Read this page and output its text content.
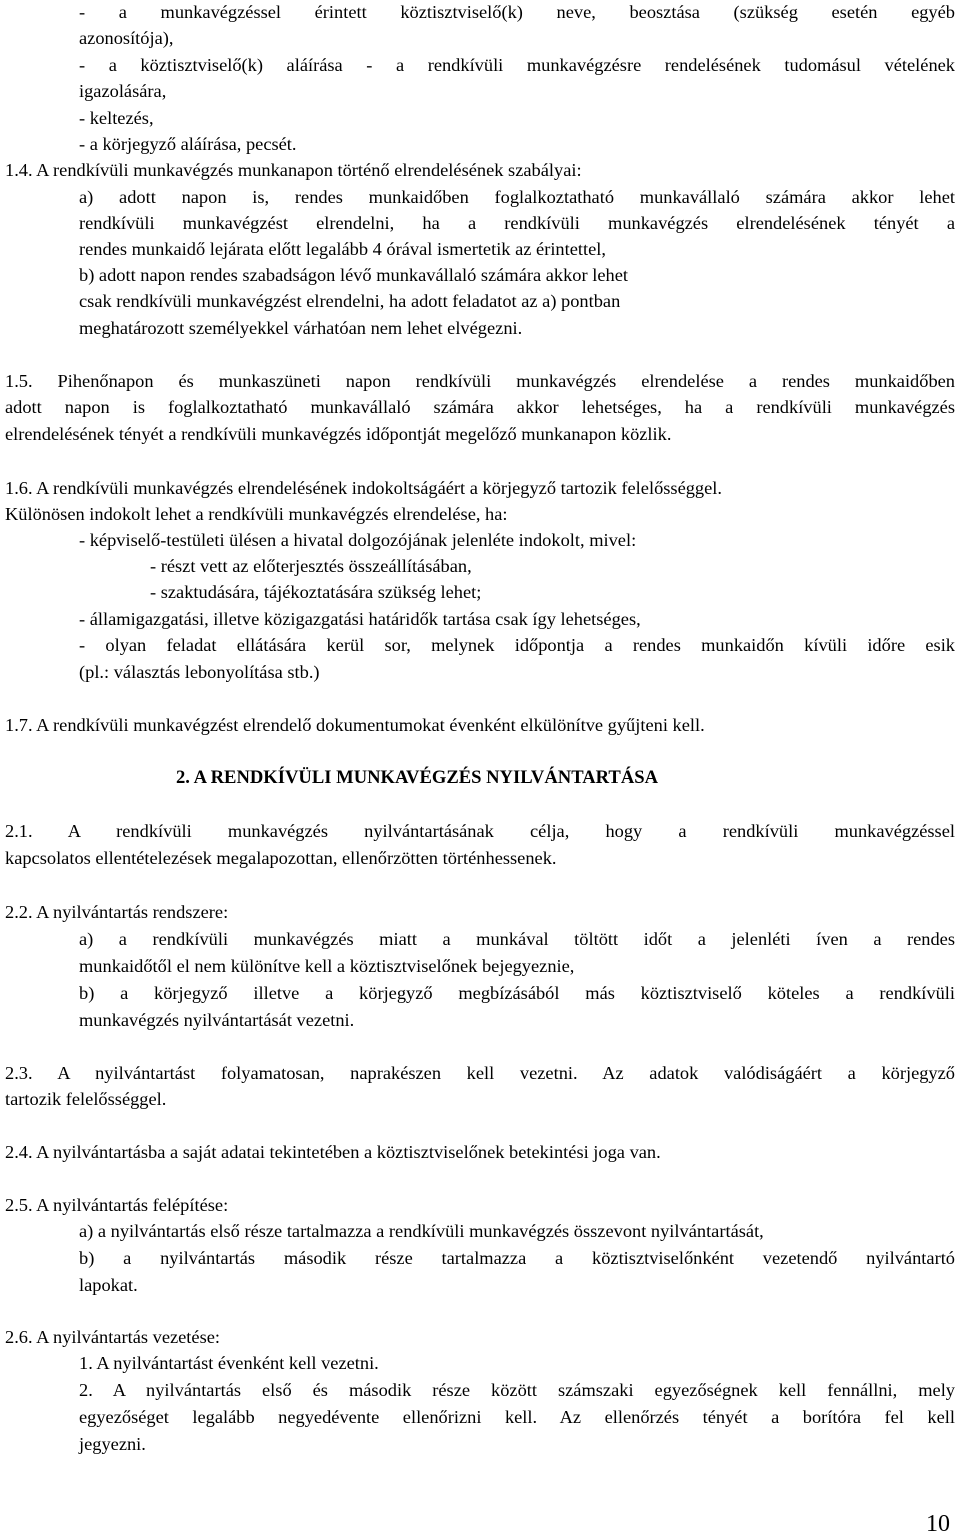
- a munkavégzéssel érintett köztisztviselő(k) neve, beosztása (szükség esetén egyéb
azonosítója),
- a köztisztviselő(k) aláírása - a rendkívüli munkavégzésre rendelésének tudomásul vételének
igazolására,
- keltezés,
- a körjegyző aláírása, pecsét.
1.4. A rendkívüli munkavégzés munkanapon történő elrendelésének szabályai:
a) adott napon is, rendes munkaidőben foglalkoztatható munkavállaló számára akkor lehet
rendkívüli munkavégzést elrendelni, ha a rendkívüli munkavégzés elrendelésének tényét a
rendes munkaidő lejárata előtt legalább 4 órával ismertetik az érintettel,
b) adott napon rendes szabadságon lévő munkavállaló számára akkor lehet
csak rendkívüli munkavégzést elrendelni, ha adott feladatot az a) pontban
meghatározott személyekkel várhatóan nem lehet elvégezni.
1.5. Pihenőnapon és munkaszüneti napon rendkívüli munkavégzés elrendelése a rendes munkaidőben
adott napon is foglalkoztatható munkavállaló számára akkor lehetséges, ha a rendkívüli munkavégzés
elrendelésének tényét a rendkívüli munkavégzés időpontját megelőző munkanapon közlik.
1.6. A rendkívüli munkavégzés elrendelésének indokoltságáért a körjegyző tartozik felelősséggel.
Különösen indokolt lehet a rendkívüli munkavégzés elrendelése, ha:
- képviselő-testületi ülésen a hivatal dolgozójának jelenléte indokolt, mivel:
- részt vett az előterjesztés összeállításában,
- szaktudására, tájékoztatására szükség lehet;
- államigazgatási, illetve közigazgatási határidők tartása csak így lehetséges,
- olyan feladat ellátására kerül sor, melynek időpontja a rendes munkaidőn kívüli időre esik
(pl.: választás lebonyolítása stb.)
1.7. A rendkívüli munkavégzést elrendelő dokumentumokat évenként elkülönítve gyűjteni kell.
2. A RENDKÍVÜLI MUNKAVÉGZÉS NYILVÁNTARTÁSA
2.1. A rendkívüli munkavégzés nyilvántartásának célja, hogy a rendkívüli munkavégzéssel
kapcsolatos ellentételezések megalapozottan, ellenőrzötten történhessenek.
2.2. A nyilvántartás rendszere:
a) a rendkívüli munkavégzés miatt a munkával töltött időt a jelenléti íven a rendes
munkaidőtől el nem különítve kell a köztisztviselőnek bejegyeznie,
b) a körjegyző illetve a körjegyző megbízásából más köztisztviselő köteles a rendkívüli
munkavégzés nyilvántartását vezetni.
2.3. A nyilvántartást folyamatosan, naprakészen kell vezetni. Az adatok valódiságáért a körjegyző
tartozik felelősséggel.
2.4. A nyilvántartásba a saját adatai tekintetében a köztisztviselőnek betekintési joga van.
2.5. A nyilvántartás felépítése:
a) a nyilvántartás első része tartalmazza a rendkívüli munkavégzés összevont nyilvántartását,
b) a nyilvántartás második része tartalmazza a köztisztviselőnként vezetendő nyilvántartó
lapokat.
2.6. A nyilvántartás vezetése:
1. A nyilvántartást évenként kell vezetni.
2. A nyilvántartás első és második része között számszaki egyezőségnek kell fennállni, mely
egyezőséget legalább negyedévente ellenőrizni kell. Az ellenőrzés tényét a borítóra fel kell
jegyezni.
10
